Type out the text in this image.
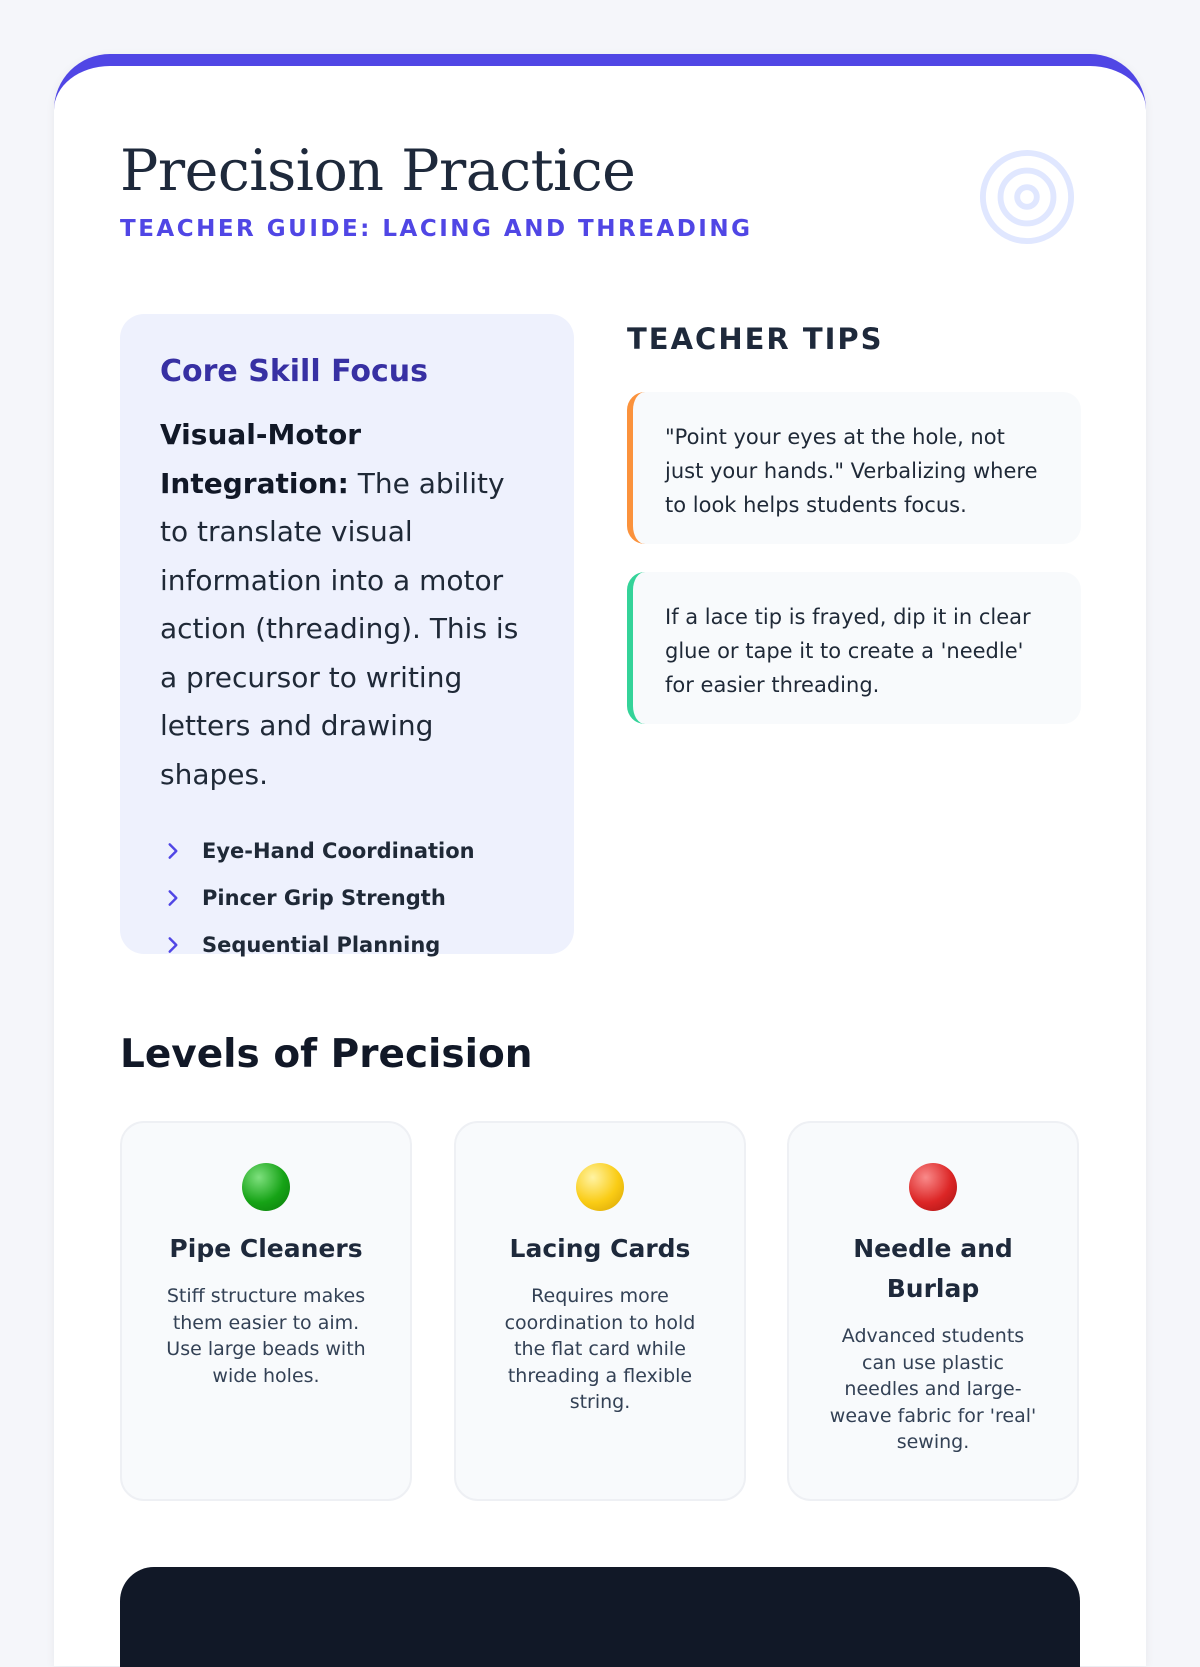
Precision Practice
TEACHER GUIDE: LACING AND THREADING
Core Skill Focus
Visual-Motor Integration: The ability to translate visual information into a motor action (threading). This is a precursor to writing letters and drawing shapes.
Eye-Hand Coordination
Pincer Grip Strength
Sequential Planning
TEACHER TIPS
"Point your eyes at the hole, not just your hands." Verbalizing where to look helps students focus.
If a lace tip is frayed, dip it in clear glue or tape it to create a 'needle' for easier threading.
Levels of Precision
Pipe Cleaners
Stiff structure makes them easier to aim. Use large beads with wide holes.
Lacing Cards
Requires more coordination to hold the flat card while threading a flexible string.
Needle and Burlap
Advanced students can use plastic needles and large-weave fabric for 'real' sewing.
